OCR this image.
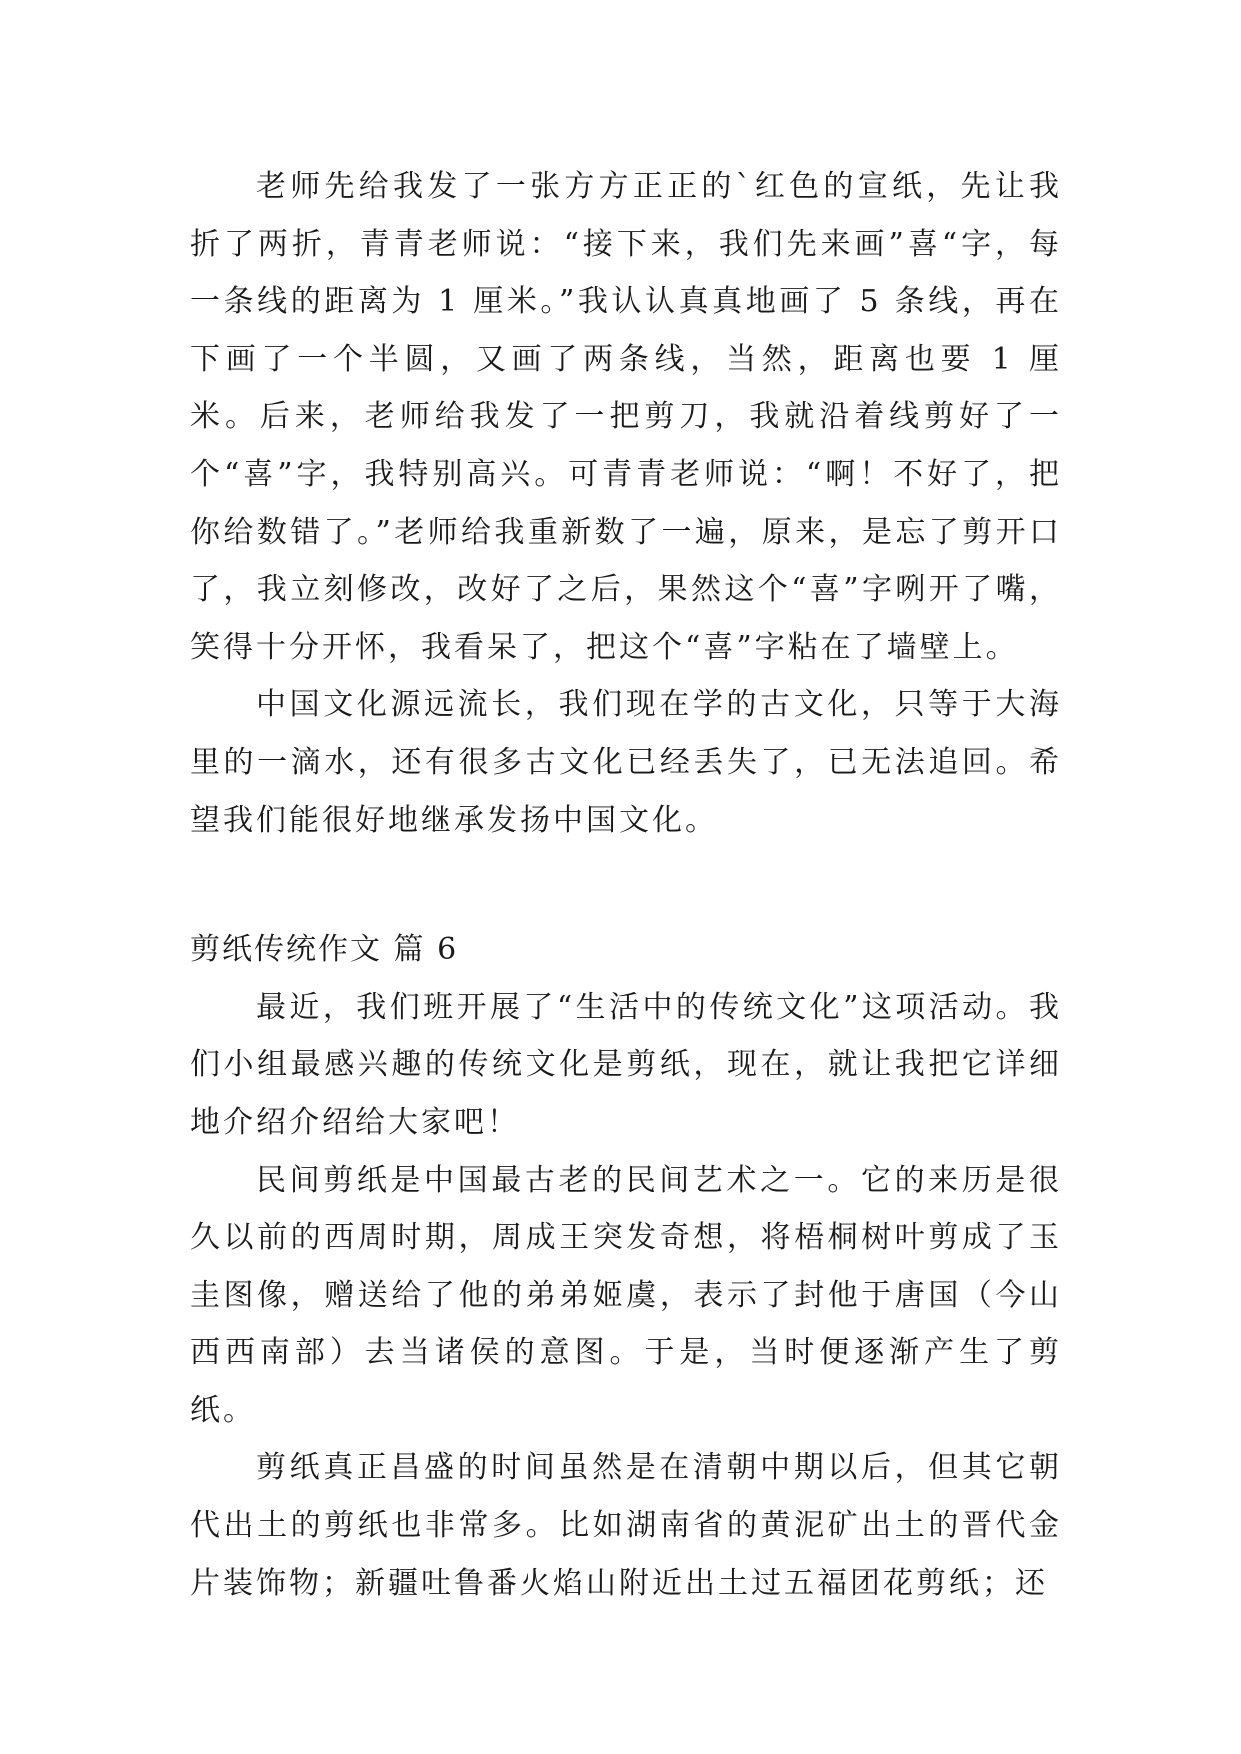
老师先给我发了一张方方正正的`红色的宣纸，先让我折了两折，青青老师说：“接下来，我们先来画”喜“字，每一条线的距离为 1 厘米。”我认认真真地画了 5 条线，再在下画了一个半圆，又画了两条线，当然，距离也要 1 厘米。后来，老师给我发了一把剪刀，我就沿着线剪好了一个“喜”字，我特别高兴。可青青老师说：“啊！不好了，把你给数错了。”老师给我重新数了一遍，原来，是忘了剪开口了，我立刻修改，改好了之后，果然这个“喜”字咧开了嘴，笑得十分开怀，我看呆了，把这个“喜”字粘在了墙壁上。

中国文化源远流长，我们现在学的古文化，只等于大海里的一滴水，还有很多古文化已经丢失了，已无法追回。希望我们能很好地继承发扬中国文化。

剪纸传统作文 篇 6

最近，我们班开展了“生活中的传统文化”这项活动。我们小组最感兴趣的传统文化是剪纸，现在，就让我把它详细地介绍介绍给大家吧！

民间剪纸是中国最古老的民间艺术之一。它的来历是很久以前的西周时期，周成王突发奇想，将梧桐树叶剪成了玉圭图像，赠送给了他的弟弟姬虞，表示了封他于唐国（今山西西南部）去当诸侯的意图。于是，当时便逐渐产生了剪纸。

剪纸真正昌盛的时间虽然是在清朝中期以后，但其它朝代出土的剪纸也非常多。比如湖南省的黄泥矿出土的晋代金片装饰物；新疆吐鲁番火焰山附近出土过五福团花剪纸；还
